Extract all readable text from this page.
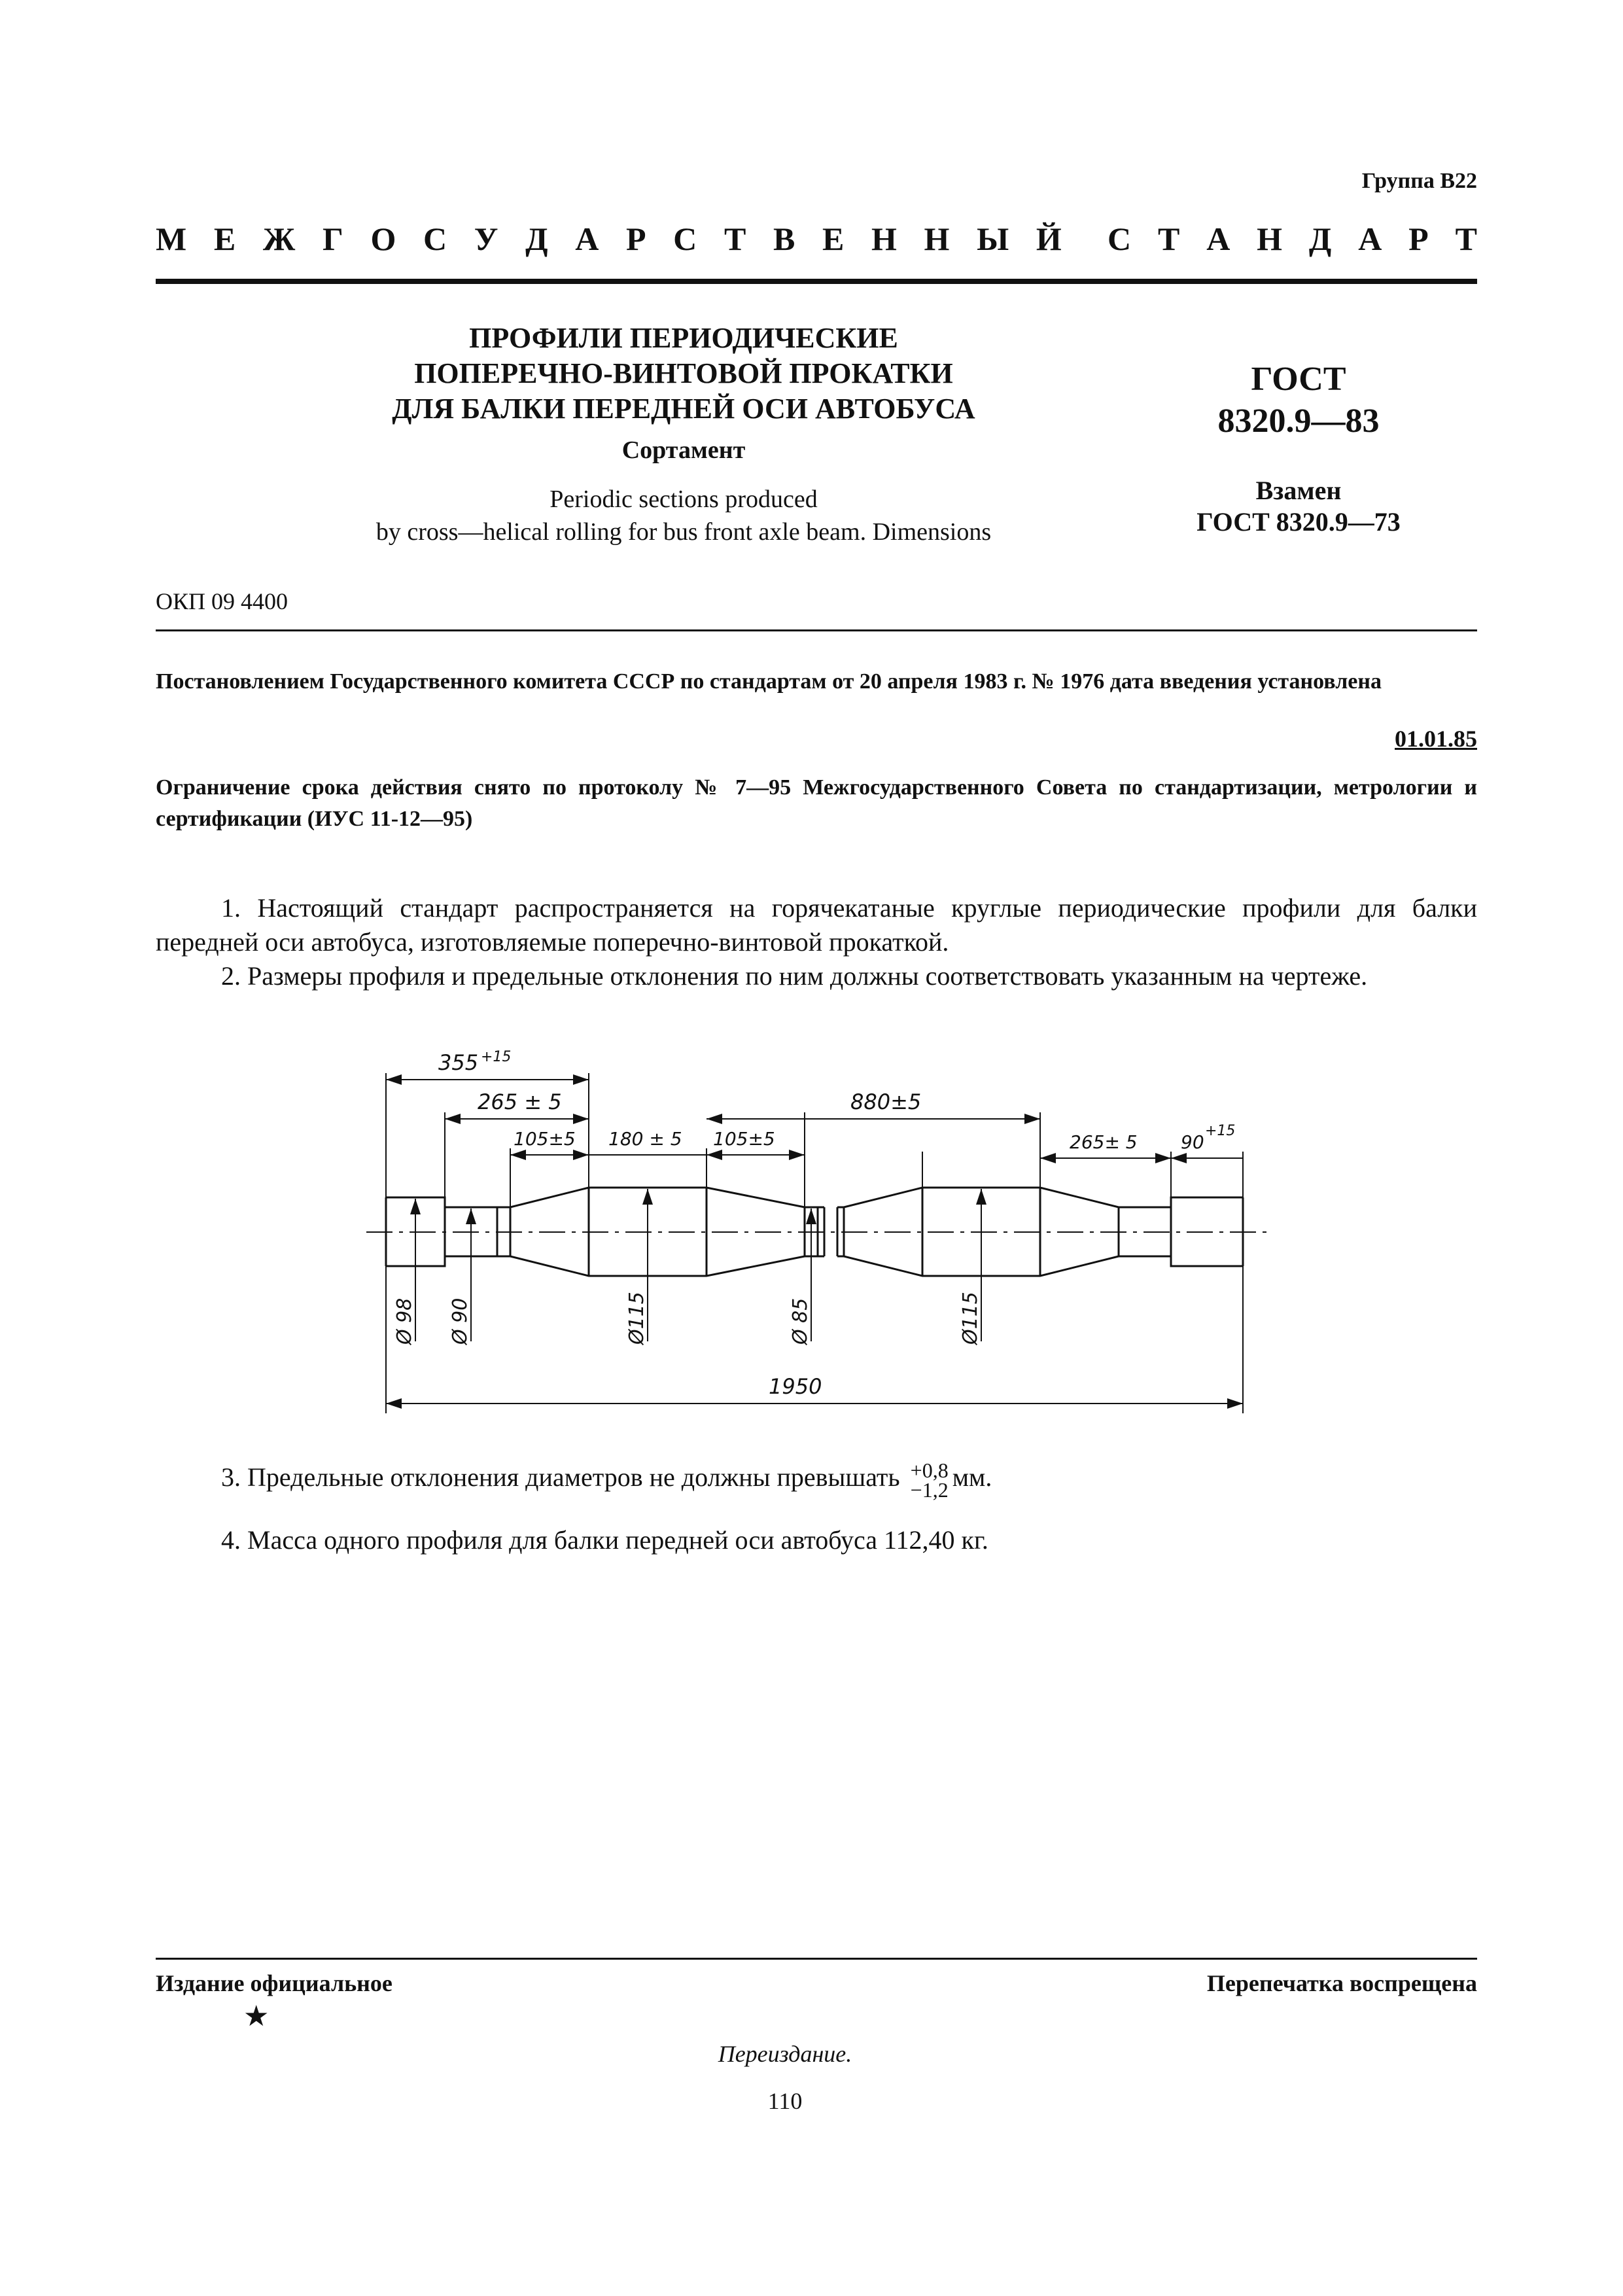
Группа В22
М Е Ж Г О С У Д А Р С Т В Е Н Н Ы Й С Т А Н Д А Р Т
ПРОФИЛИ ПЕРИОДИЧЕСКИЕ
ПОПЕРЕЧНО-ВИНТОВОЙ ПРОКАТКИ
ДЛЯ БАЛКИ ПЕРЕДНЕЙ ОСИ АВТОБУСА
Сортамент
Periodic sections produced
by cross—helical rolling for bus front axle beam. Dimensions
ГОСТ
8320.9—83
Взамен
ГОСТ 8320.9—73
ОКП 09 4400
Постановлением Государственного комитета СССР по стандартам от 20 апреля 1983 г. № 1976 дата введения установлена
01.01.85
Ограничение срока действия снято по протоколу № 7—95 Межгосударственного Совета по стандартизации, метрологии и сертификации (ИУС 11-12—95)
1. Настоящий стандарт распространяется на горячекатаные круглые периодические профили для балки передней оси автобуса, изготовляемые поперечно-винтовой прокаткой.
2. Размеры профиля и предельные отклонения по ним должны соответствовать указанным на чертеже.
355 +15
265 ± 5
105±5 180 ± 5 105±5
880±5
265± 5 90
+15
Ø 98 Ø 90	Ø115	Ø 85	Ø115
1950
3. Предельные отклонения диаметров не должны превышать +0,8
−1,2 мм.
4. Масса одного профиля для балки передней оси автобуса 112,40 кг.
Издание официальное
★
Перепечатка воспрещена
Переиздание.
110
